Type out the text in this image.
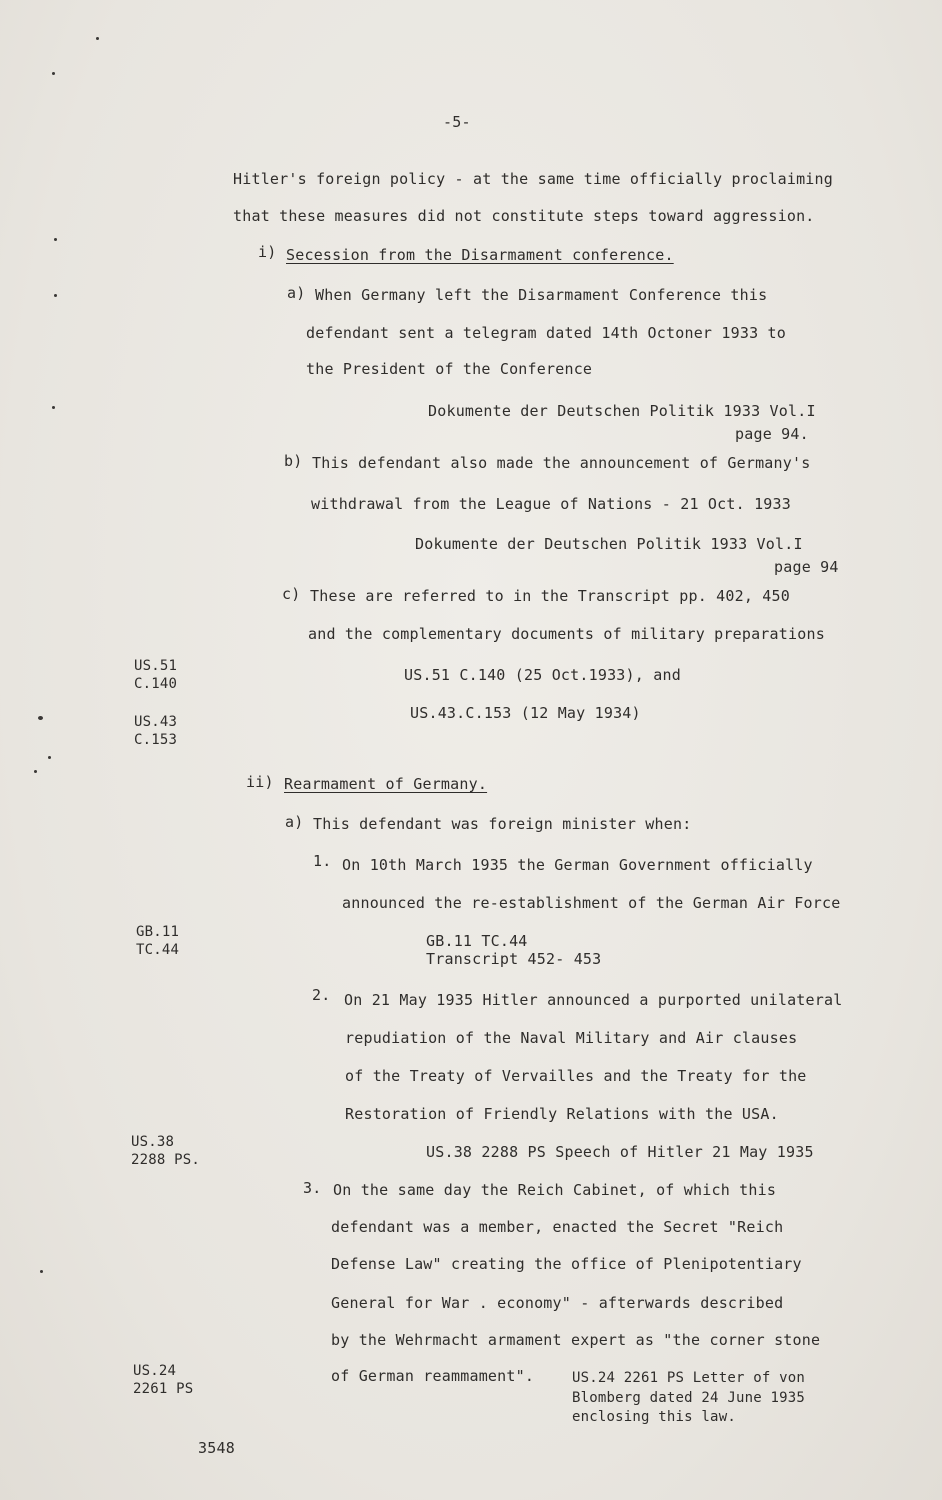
-5-
Hitler's foreign policy - at the same time officially proclaiming
that these measures did not constitute steps toward aggression.
i) Secession from the Disarmament conference.
a) When Germany left the Disarmament Conference this
defendant sent a telegram dated 14th Octoner 1933 to
the President of the Conference
Dokumente der Deutschen Politik 1933 Vol.I
page 94.
b) This defendant also made the announcement of Germany's
withdrawal from the League of Nations - 21 Oct. 1933
Dokumente der Deutschen Politik 1933 Vol.I
page 94
c) These are referred to in the Transcript pp. 402, 450
and the complementary documents of military preparations
US.51 C.140 (25 Oct.1933), and
US.43.C.153 (12 May 1934)
ii) Rearmament of Germany.
a) This defendant was foreign minister when:
1. On 10th March 1935 the German Government officially
announced the re-establishment of the German Air Force
GB.11 TC.44
Transcript 452- 453
2. On 21 May 1935 Hitler announced a purported unilateral
repudiation of the Naval Military and Air clauses
of the Treaty of Vervailles and the Treaty for the
Restoration of Friendly Relations with the USA.
US.38 2288 PS Speech of Hitler 21 May 1935
3. On the same day the Reich Cabinet, of which this
defendant was a member, enacted the Secret "Reich
Defense Law" creating the office of Plenipotentiary
General for War . economy" - afterwards described
by the Wehrmacht armament expert as "the corner stone
of German reammament".	US.24 2261 PS Letter of von
Blomberg dated 24 June 1935
enclosing this law.
US.51
C.140
US.43
C.153
GB.11
TC.44
US.38
2288 PS.
US.24
2261 PS
3548
